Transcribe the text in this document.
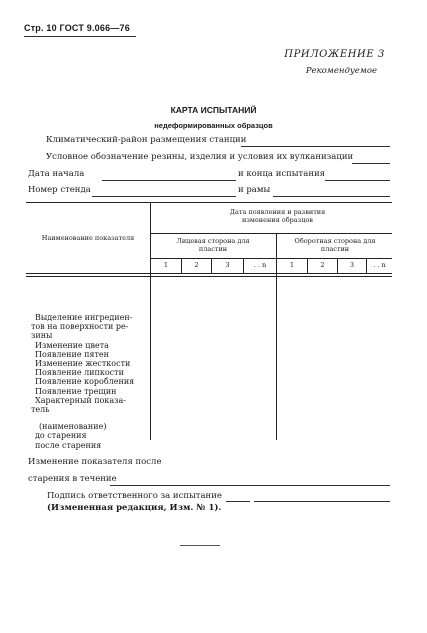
Стр. 10 ГОСТ 9.066—76
ПРИЛОЖЕНИЕ 3
Рекомендуемое
КАРТА ИСПЫТАНИЙ
недеформированных образцов
Климатический-район размещения станции
Условное обозначение резины, изделия и условия их вулканизации
Дата начала	и конца испытания
Номер стенда	и рамы
Наименование показателя
Дата появления и развития изменения образцов
Лицевая сторона для пластин
Оборотная сторона для пластин
1	2	3	. . n	1	2	3	. . n
Выделение ингредиен-
тов на поверхности ре-
зины
Изменение цвета
Появление пятен
Изменение жесткости
Появление липкости
Появление коробления
Появление трещин
Характерный показа-
тель
(наименование)
до старения
после старения
Изменение показателя после
старения в течение
Подпись ответственного за испытание
(Измененная редакция, Изм. № 1).
